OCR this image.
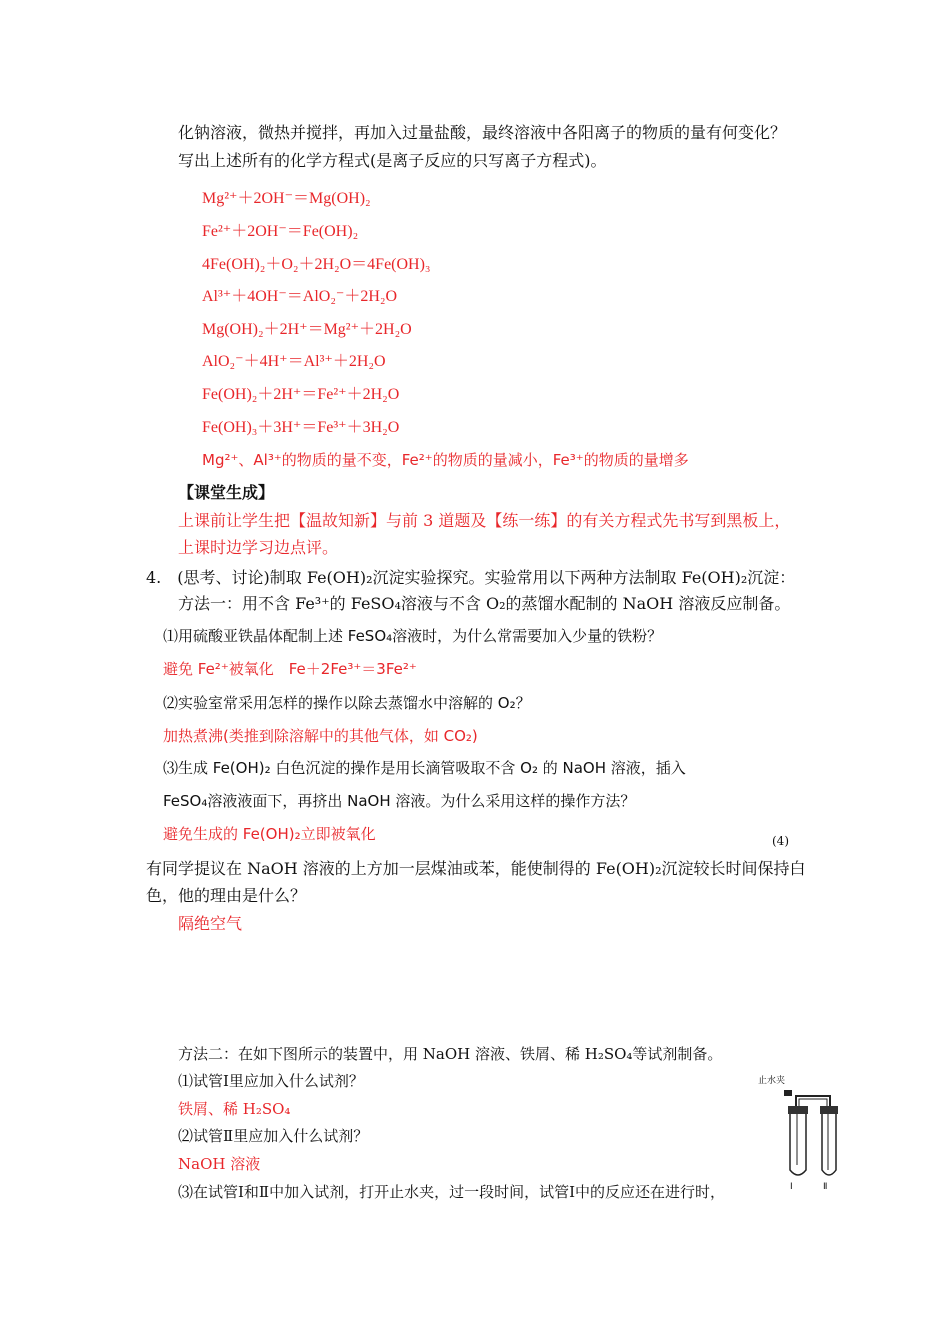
化钠溶液，微热并搅拌，再加入过量盐酸，最终溶液中各阳离子的物质的量有何变化？
写出上述所有的化学方程式(是离子反应的只写离子方程式)。
Mg²⁺＋2OH⁻＝Mg(OH)₂
Fe²⁺＋2OH⁻＝Fe(OH)₂
4Fe(OH)₂＋O₂＋2H₂O＝4Fe(OH)₃
Al³⁺＋4OH⁻＝AlO₂⁻＋2H₂O
Mg(OH)₂＋2H⁺＝Mg²⁺＋2H₂O
AlO₂⁻＋4H⁺＝Al³⁺＋2H₂O
Fe(OH)₂＋2H⁺＝Fe²⁺＋2H₂O
Fe(OH)₃＋3H⁺＝Fe³⁺＋3H₂O
Mg²⁺、Al³⁺的物质的量不变，Fe²⁺的物质的量减小，Fe³⁺的物质的量增多
【课堂生成】
上课前让学生把【温故知新】与前 3 道题及【练一练】的有关方程式先书写到黑板上，
上课时边学习边点评。
4.　(思考、讨论)制取 Fe(OH)₂沉淀实验探究。实验常用以下两种方法制取 Fe(OH)₂沉淀：
方法一：用不含 Fe³⁺的 FeSO₄溶液与不含 O₂的蒸馏水配制的 NaOH 溶液反应制备。
⑴用硫酸亚铁晶体配制上述 FeSO₄溶液时，为什么常需要加入少量的铁粉？
避免 Fe²⁺被氧化　Fe＋2Fe³⁺＝3Fe²⁺
⑵实验室常采用怎样的操作以除去蒸馏水中溶解的 O₂？
加热煮沸(类推到除溶解中的其他气体，如 CO₂)
⑶生成 Fe(OH)₂ 白色沉淀的操作是用长滴管吸取不含 O₂ 的 NaOH 溶液，插入
FeSO₄溶液液面下，再挤出 NaOH 溶液。为什么采用这样的操作方法？
避免生成的 Fe(OH)₂立即被氧化	(4)
有同学提议在 NaOH 溶液的上方加一层煤油或苯，能使制得的 Fe(OH)₂沉淀较长时间保持白
色，他的理由是什么？
隔绝空气
方法二：在如下图所示的装置中，用 NaOH 溶液、铁屑、稀 H₂SO₄等试剂制备。
⑴试管Ⅰ里应加入什么试剂？
铁屑、稀 H₂SO₄
⑵试管Ⅱ里应加入什么试剂？
NaOH 溶液
⑶在试管Ⅰ和Ⅱ中加入试剂，打开止水夹，过一段时间，试管Ⅰ中的反应还在进行时，
止水夹
Ⅰ	Ⅱ
